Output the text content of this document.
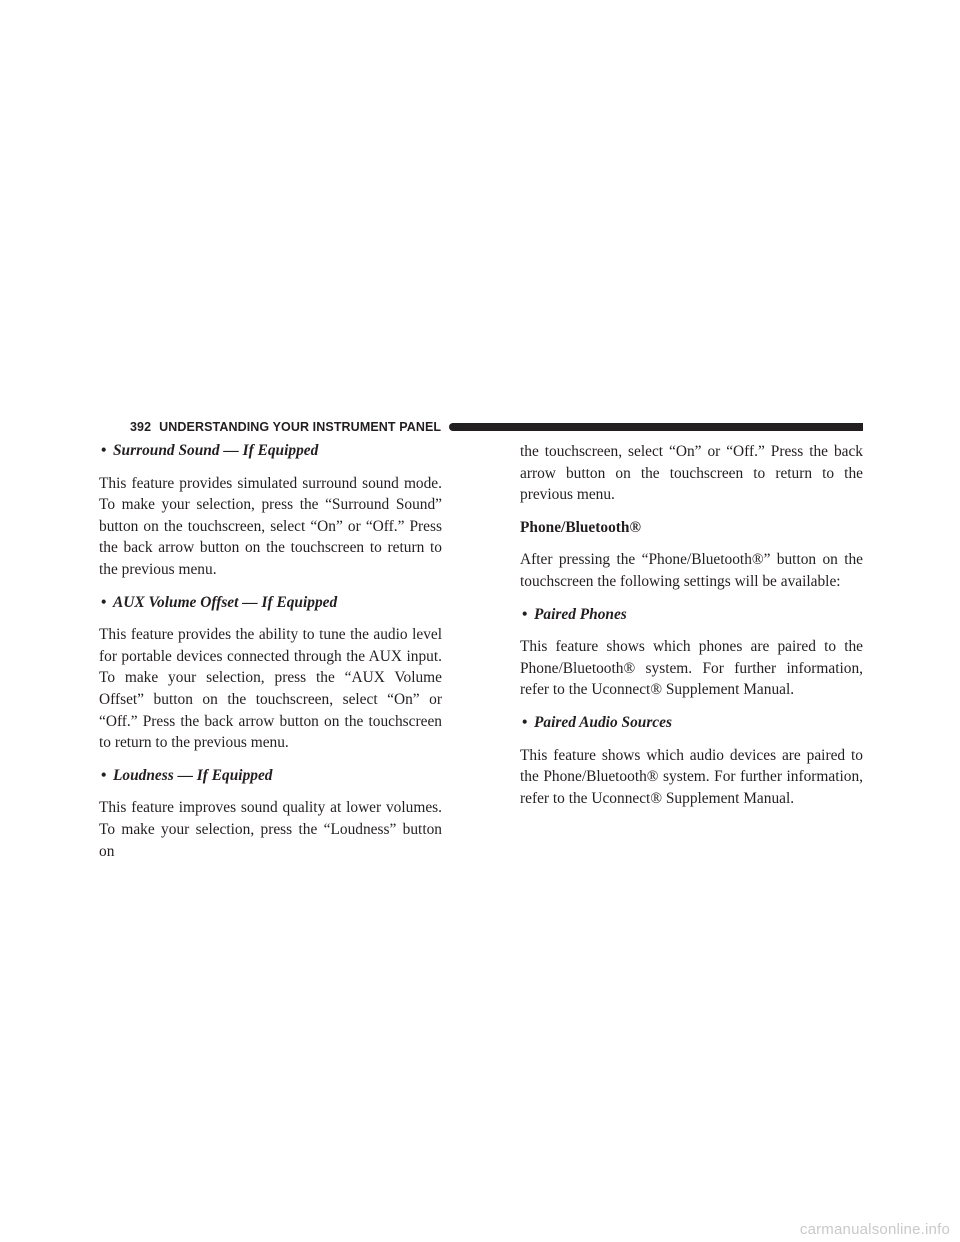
392 UNDERSTANDING YOUR INSTRUMENT PANEL
• Surround Sound — If Equipped

This feature provides simulated surround sound mode. To make your selection, press the “Surround Sound” button on the touchscreen, select “On” or “Off.” Press the back arrow button on the touchscreen to return to the previous menu.

• AUX Volume Offset — If Equipped

This feature provides the ability to tune the audio level for portable devices connected through the AUX input. To make your selection, press the “AUX Volume Offset” button on the touchscreen, select “On” or “Off.” Press the back arrow button on the touchscreen to return to the previous menu.

• Loudness — If Equipped

This feature improves sound quality at lower volumes. To make your selection, press the “Loudness” button on

the touchscreen, select “On” or “Off.” Press the back arrow button on the touchscreen to return to the previous menu.

Phone/Bluetooth®

After pressing the “Phone/Bluetooth®” button on the touchscreen the following settings will be available:

• Paired Phones

This feature shows which phones are paired to the Phone/Bluetooth® system. For further information, refer to the Uconnect® Supplement Manual.

• Paired Audio Sources

This feature shows which audio devices are paired to the Phone/Bluetooth® system. For further information, refer to the Uconnect® Supplement Manual.

carmanualsonline.info
